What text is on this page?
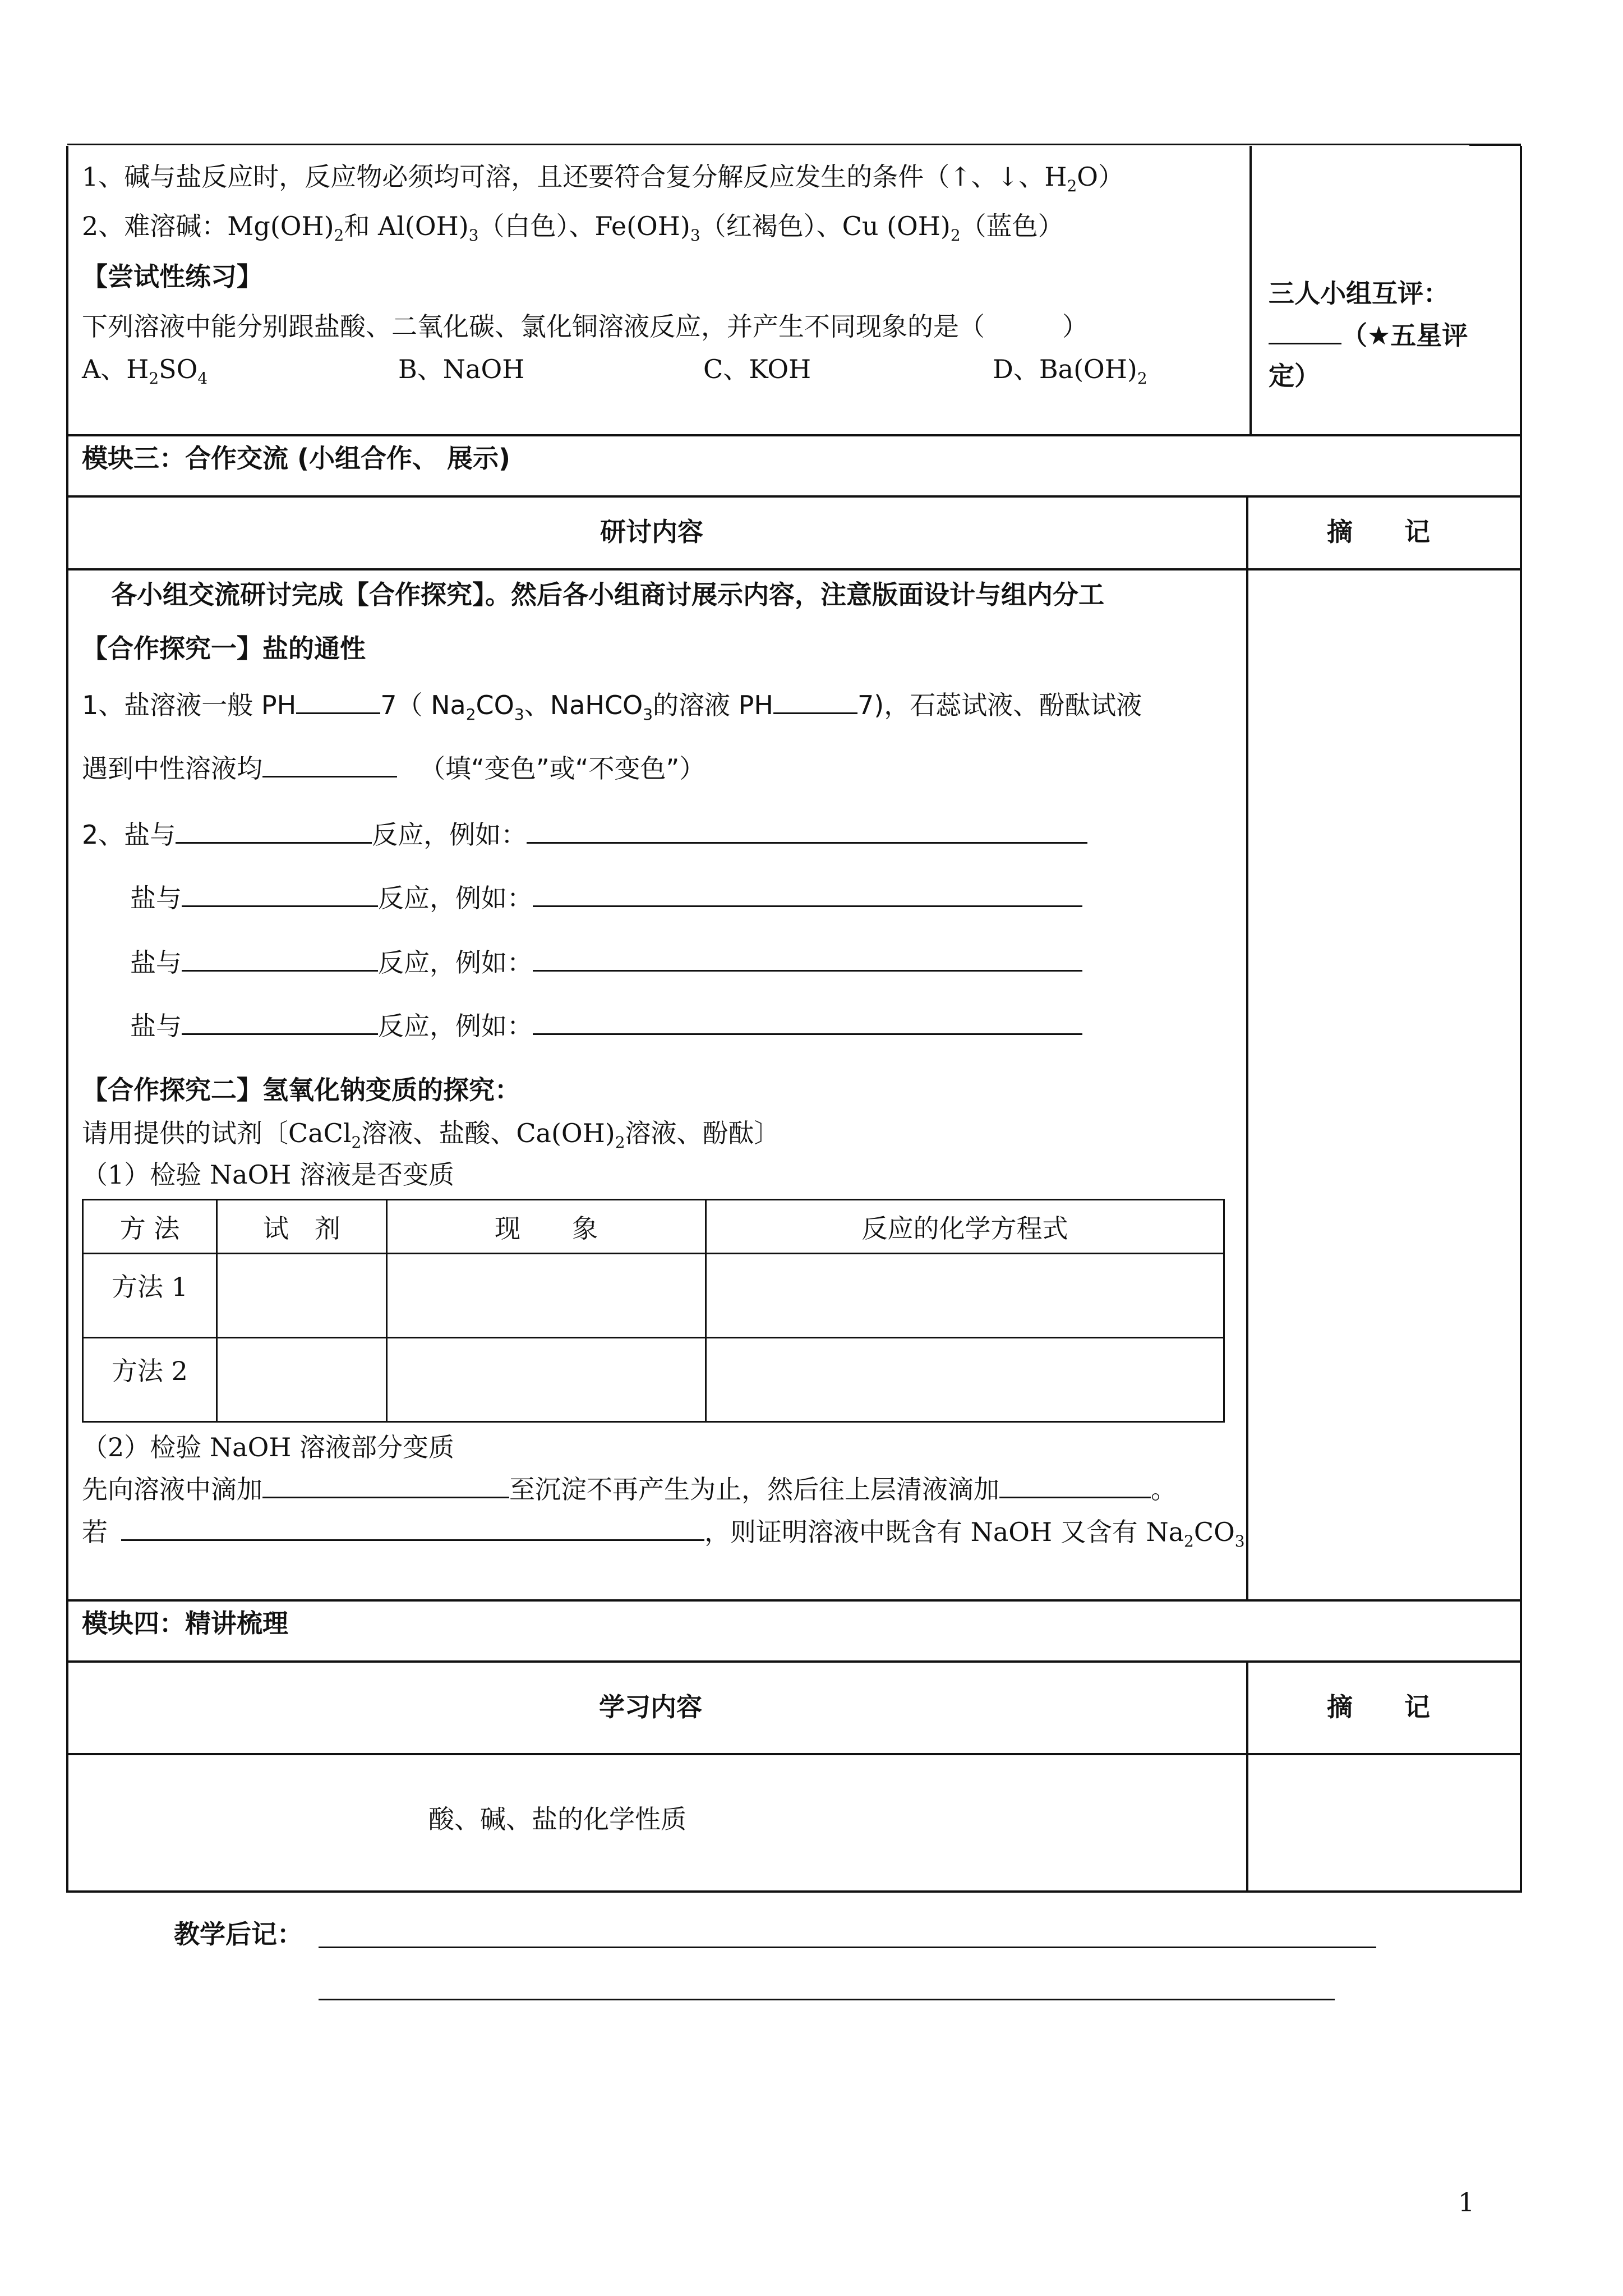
1、碱与盐反应时，反应物必须均可溶，且还要符合复分解反应发生的条件（↑、↓、$H_2O$）
2、难溶碱：$Mg(OH)_2$和 $Al(OH)_3$（白色）、$Fe(OH)_3$（红褐色）、Cu $(OH)_2$（蓝色）
【尝试性练习】
下列溶液中能分别跟盐酸、二氧化碳、氯化铜溶液反应，并产生不同现象的是（　　　）
A、$H_2SO_4$	B、NaOH	C、KOH	D、$Ba(OH)_2$
三人小组互评：
（★五星评
定）
模块三：合作交流 (小组合作、 展示)
研讨内容	摘　　记
各小组交流研讨完成【合作探究】。然后各小组商讨展示内容，注意版面设计与组内分工
【合作探究一】盐的通性
1、盐溶液一般 PH	7（ $Na_2CO_3$、NaHCO$_3$的溶液 PH	7)，石蕊试液、酚酞试液
遇到中性溶液均	（填“变色”或“不变色”）
2、盐与	反应，例如：
盐与	反应，例如：
盐与	反应，例如：
盐与	反应，例如：
【合作探究二】氢氧化钠变质的探究：
请用提供的试剂〔CaCl$_2$溶液、盐酸、$Ca(OH)_2$溶液、酚酞〕
（1）检验 NaOH 溶液是否变质
方 法	试　剂	现　　象	反应的化学方程式
方法 1			
方法 2			
（2）检验 NaOH 溶液部分变质
先向溶液中滴加	至沉淀不再产生为止，然后往上层清液滴加	。
若	，则证明溶液中既含有 NaOH 又含有 $Na_2CO_3$
模块四：精讲梳理
学习内容	摘　　记
酸、碱、盐的化学性质
教学后记：
1
